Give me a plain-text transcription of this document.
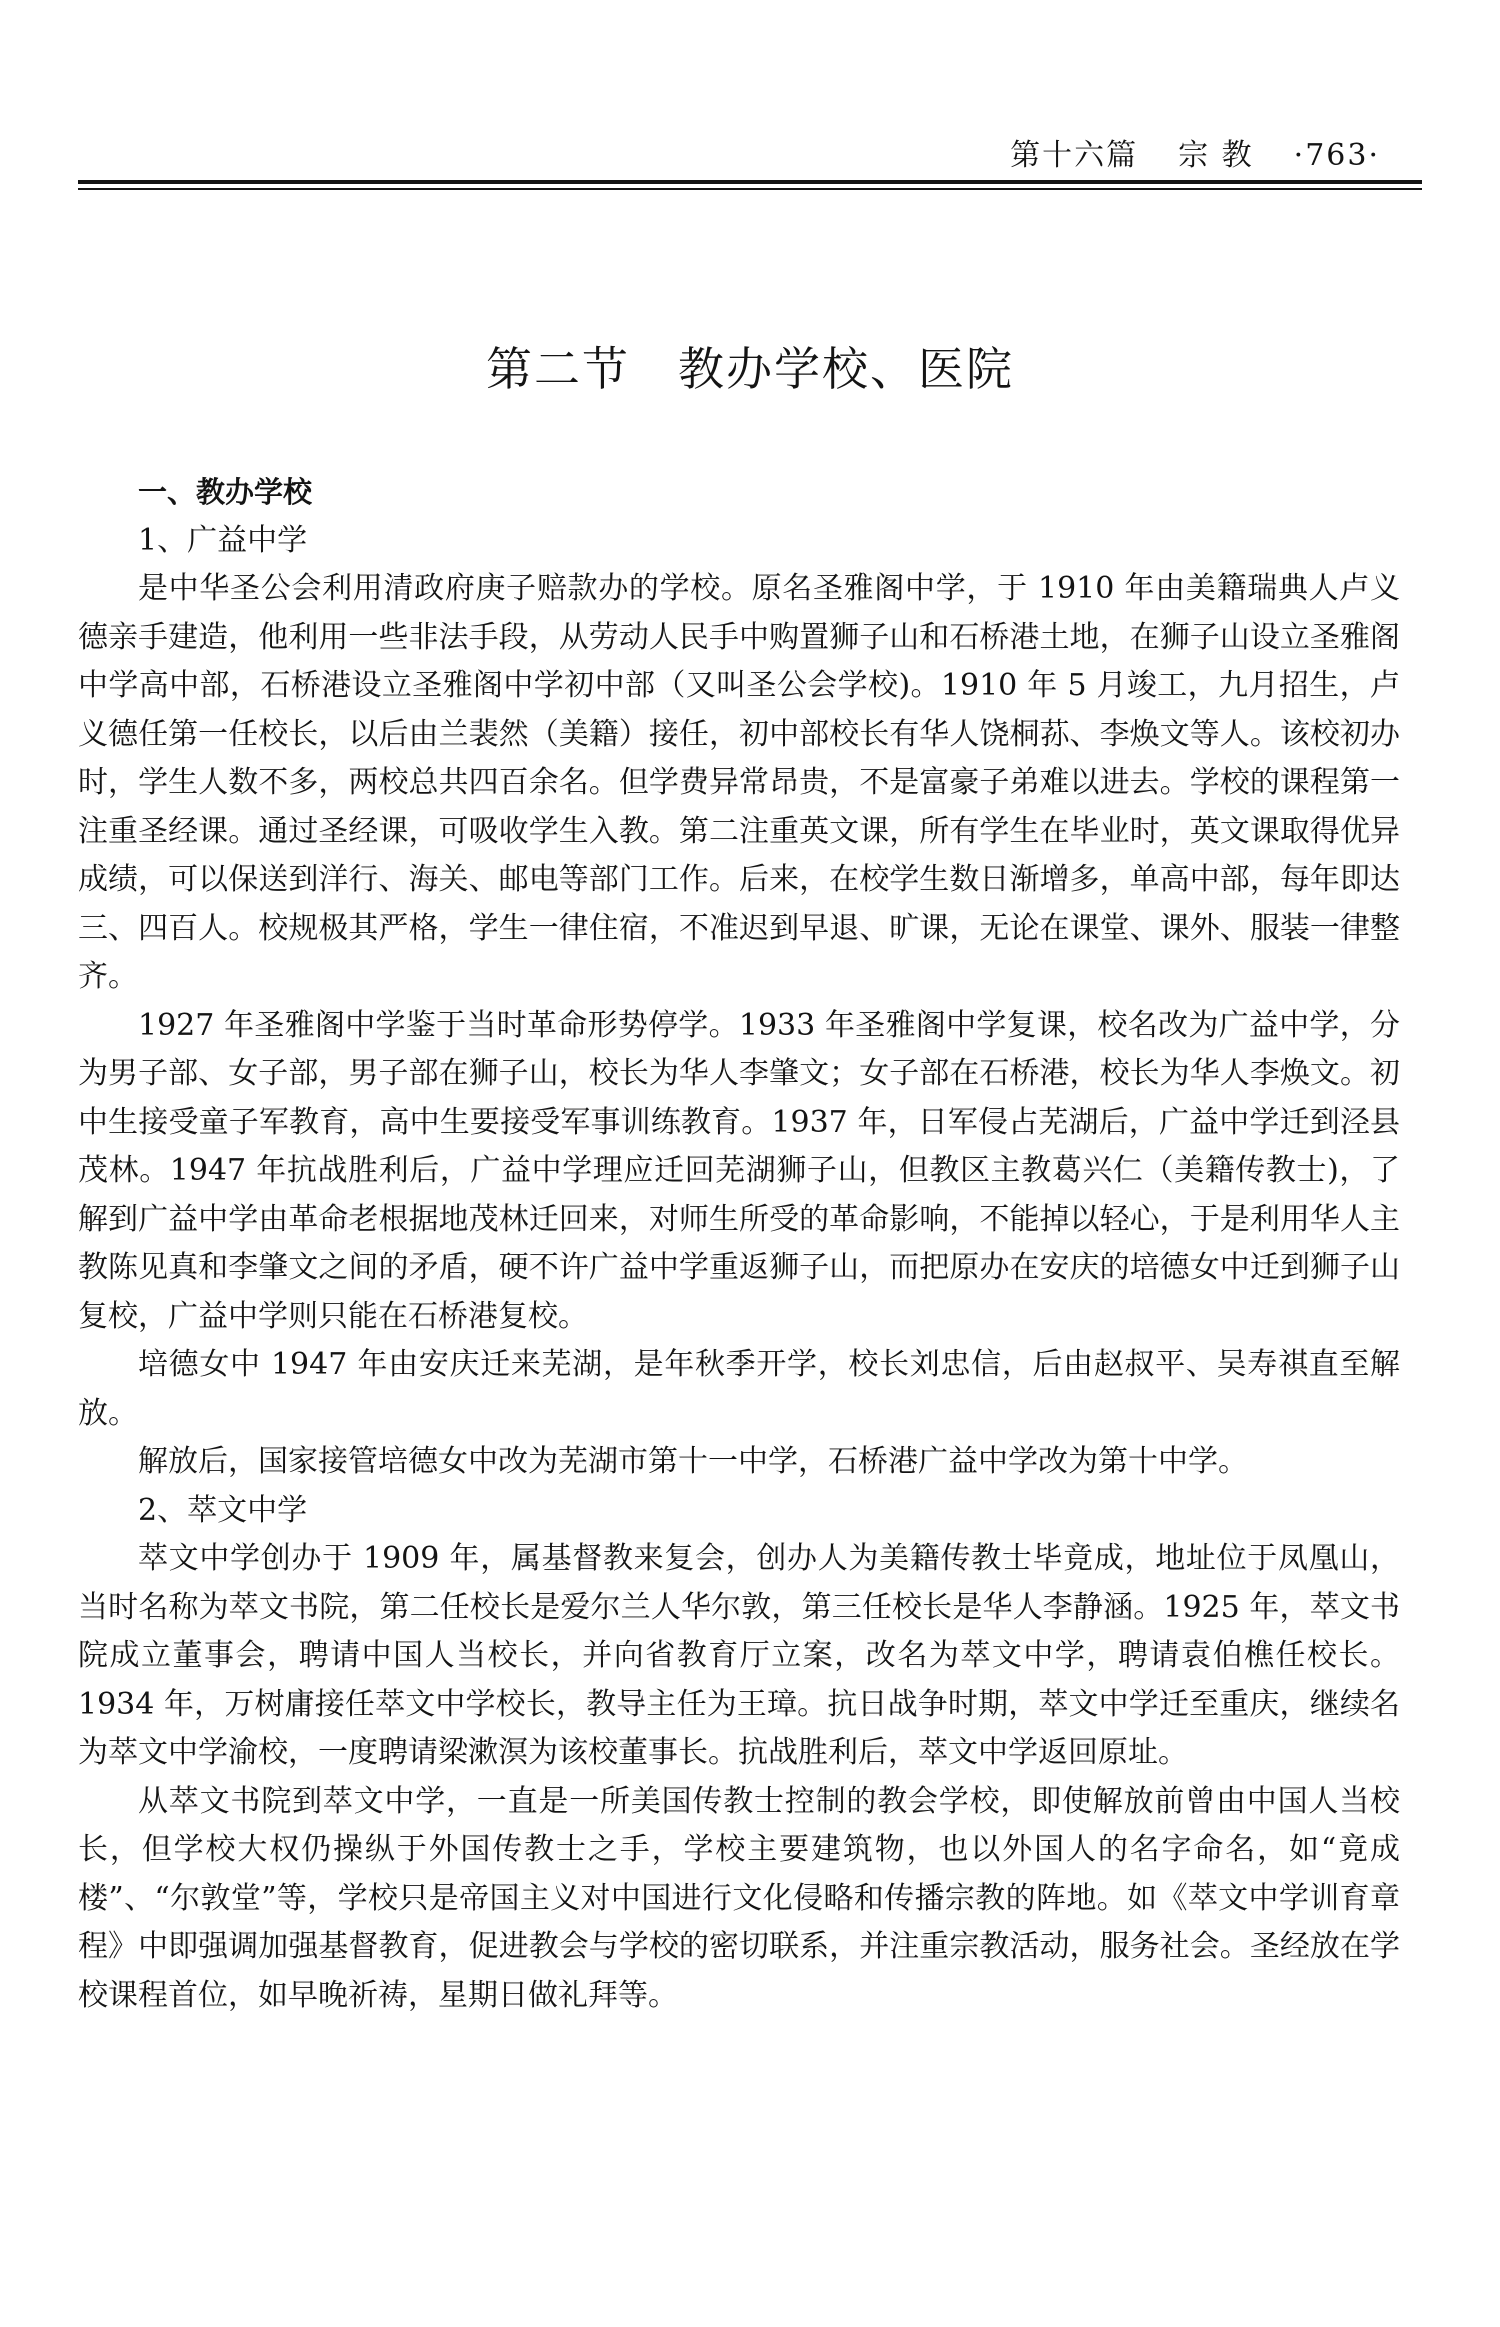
第十六篇 宗 教 ·763·
第二节　教办学校、医院

一、教办学校

1、广益中学

是中华圣公会利用清政府庚子赔款办的学校。原名圣雅阁中学，于 1910 年由美籍瑞典人卢义德亲手建造，他利用一些非法手段，从劳动人民手中购置狮子山和石桥港土地，在狮子山设立圣雅阁中学高中部，石桥港设立圣雅阁中学初中部（又叫圣公会学校)。1910 年 5 月竣工，九月招生，卢义德任第一任校长，以后由兰裴然（美籍）接任，初中部校长有华人饶桐荪、李焕文等人。该校初办时，学生人数不多，两校总共四百余名。但学费异常昂贵，不是富豪子弟难以进去。学校的课程第一注重圣经课。通过圣经课，可吸收学生入教。第二注重英文课，所有学生在毕业时，英文课取得优异成绩，可以保送到洋行、海关、邮电等部门工作。后来，在校学生数日渐增多，单高中部，每年即达三、四百人。校规极其严格，学生一律住宿，不准迟到早退、旷课，无论在课堂、课外、服装一律整齐。

1927 年圣雅阁中学鉴于当时革命形势停学。1933 年圣雅阁中学复课，校名改为广益中学，分为男子部、女子部，男子部在狮子山，校长为华人李肇文；女子部在石桥港，校长为华人李焕文。初中生接受童子军教育，高中生要接受军事训练教育。1937 年，日军侵占芜湖后，广益中学迁到泾县茂林。1947 年抗战胜利后，广益中学理应迁回芜湖狮子山，但教区主教葛兴仁（美籍传教士)，了解到广益中学由革命老根据地茂林迁回来，对师生所受的革命影响，不能掉以轻心，于是利用华人主教陈见真和李肇文之间的矛盾，硬不许广益中学重返狮子山，而把原办在安庆的培德女中迁到狮子山复校，广益中学则只能在石桥港复校。

培德女中 1947 年由安庆迁来芜湖，是年秋季开学，校长刘忠信，后由赵叔平、吴寿祺直至解放。

解放后，国家接管培德女中改为芜湖市第十一中学，石桥港广益中学改为第十中学。

2、萃文中学

萃文中学创办于 1909 年，属基督教来复会，创办人为美籍传教士毕竟成，地址位于凤凰山，当时名称为萃文书院，第二任校长是爱尔兰人华尔敦，第三任校长是华人李静涵。1925 年，萃文书院成立董事会，聘请中国人当校长，并向省教育厅立案，改名为萃文中学，聘请袁伯樵任校长。1934 年，万树庸接任萃文中学校长，教导主任为王璋。抗日战争时期，萃文中学迁至重庆，继续名为萃文中学渝校，一度聘请梁漱溟为该校董事长。抗战胜利后，萃文中学返回原址。

从萃文书院到萃文中学，一直是一所美国传教士控制的教会学校，即使解放前曾由中国人当校长，但学校大权仍操纵于外国传教士之手，学校主要建筑物，也以外国人的名字命名，如“竟成楼”、“尔敦堂”等，学校只是帝国主义对中国进行文化侵略和传播宗教的阵地。如《萃文中学训育章程》中即强调加强基督教育，促进教会与学校的密切联系，并注重宗教活动，服务社会。圣经放在学校课程首位，如早晚祈祷，星期日做礼拜等。
